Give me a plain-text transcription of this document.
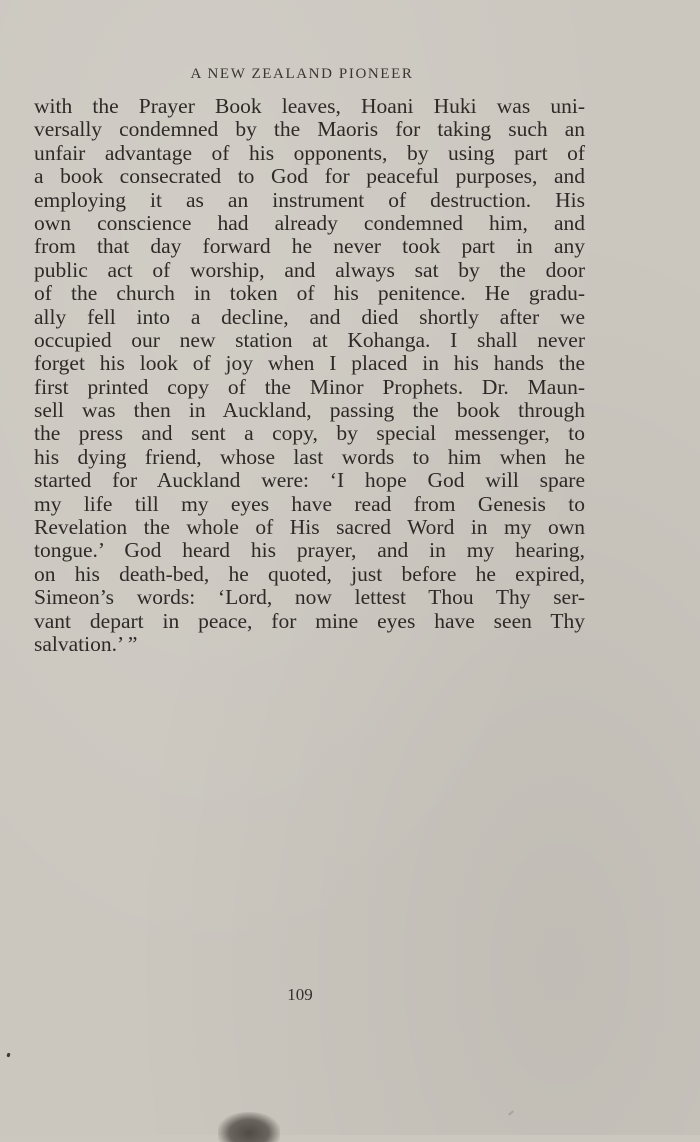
A NEW ZEALAND PIONEER
with the Prayer Book leaves, Hoani Huki was uni-
versally condemned by the Maoris for taking such an
unfair advantage of his opponents, by using part of
a book consecrated to God for peaceful purposes, and
employing it as an instrument of destruction. His
own conscience had already condemned him, and
from that day forward he never took part in any
public act of worship, and always sat by the door
of the church in token of his penitence. He gradu-
ally fell into a decline, and died shortly after we
occupied our new station at Kohanga. I shall never
forget his look of joy when I placed in his hands the
first printed copy of the Minor Prophets. Dr. Maun-
sell was then in Auckland, passing the book through
the press and sent a copy, by special messenger, to
his dying friend, whose last words to him when he
started for Auckland were: ‘I hope God will spare
my life till my eyes have read from Genesis to
Revelation the whole of His sacred Word in my own
tongue.’ God heard his prayer, and in my hearing,
on his death-bed, he quoted, just before he expired,
Simeon’s words: ‘Lord, now lettest Thou Thy ser-
vant depart in peace, for mine eyes have seen Thy
salvation.’ ”
109
